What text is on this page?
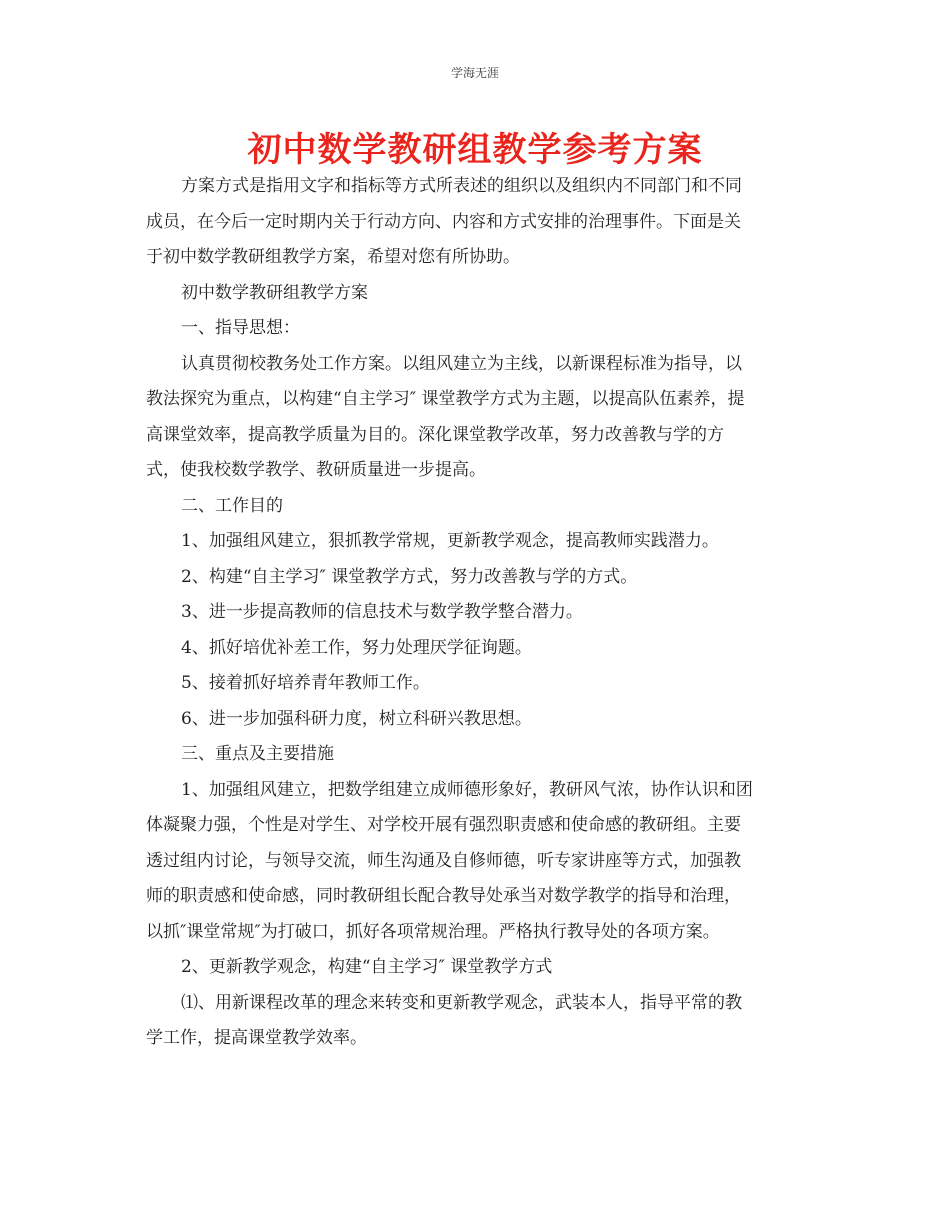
学海无涯
初中数学教研组教学参考方案
方案方式是指用文字和指标等方式所表述的组织以及组织内不同部门和不同
成员，在今后一定时期内关于行动方向、内容和方式安排的治理事件。下面是关
于初中数学教研组教学方案，希望对您有所协助。
初中数学教研组教学方案
一、指导思想：
认真贯彻校教务处工作方案。以组风建立为主线，以新课程标准为指导，以
教法探究为重点，以构建“自主学习″ 课堂教学方式为主题，以提高队伍素养，提
高课堂效率，提高教学质量为目的。深化课堂教学改革，努力改善教与学的方
式，使我校数学教学、教研质量进一步提高。
二、工作目的
1、加强组风建立，狠抓教学常规，更新教学观念，提高教师实践潜力。
2、构建“自主学习″ 课堂教学方式，努力改善教与学的方式。
3、进一步提高教师的信息技术与数学教学整合潜力。
4、抓好培优补差工作，努力处理厌学征询题。
5、接着抓好培养青年教师工作。
6、进一步加强科研力度，树立科研兴教思想。
三、重点及主要措施
1、加强组风建立，把数学组建立成师德形象好，教研风气浓，协作认识和团
体凝聚力强，个性是对学生、对学校开展有强烈职责感和使命感的教研组。主要
透过组内讨论，与领导交流，师生沟通及自修师德，听专家讲座等方式，加强教
师的职责感和使命感，同时教研组长配合教导处承当对数学教学的指导和治理，
以抓″课堂常规″为打破口，抓好各项常规治理。严格执行教导处的各项方案。
2、更新教学观念，构建“自主学习″ 课堂教学方式
⑴、用新课程改革的理念来转变和更新教学观念，武装本人，指导平常的教
学工作，提高课堂教学效率。
